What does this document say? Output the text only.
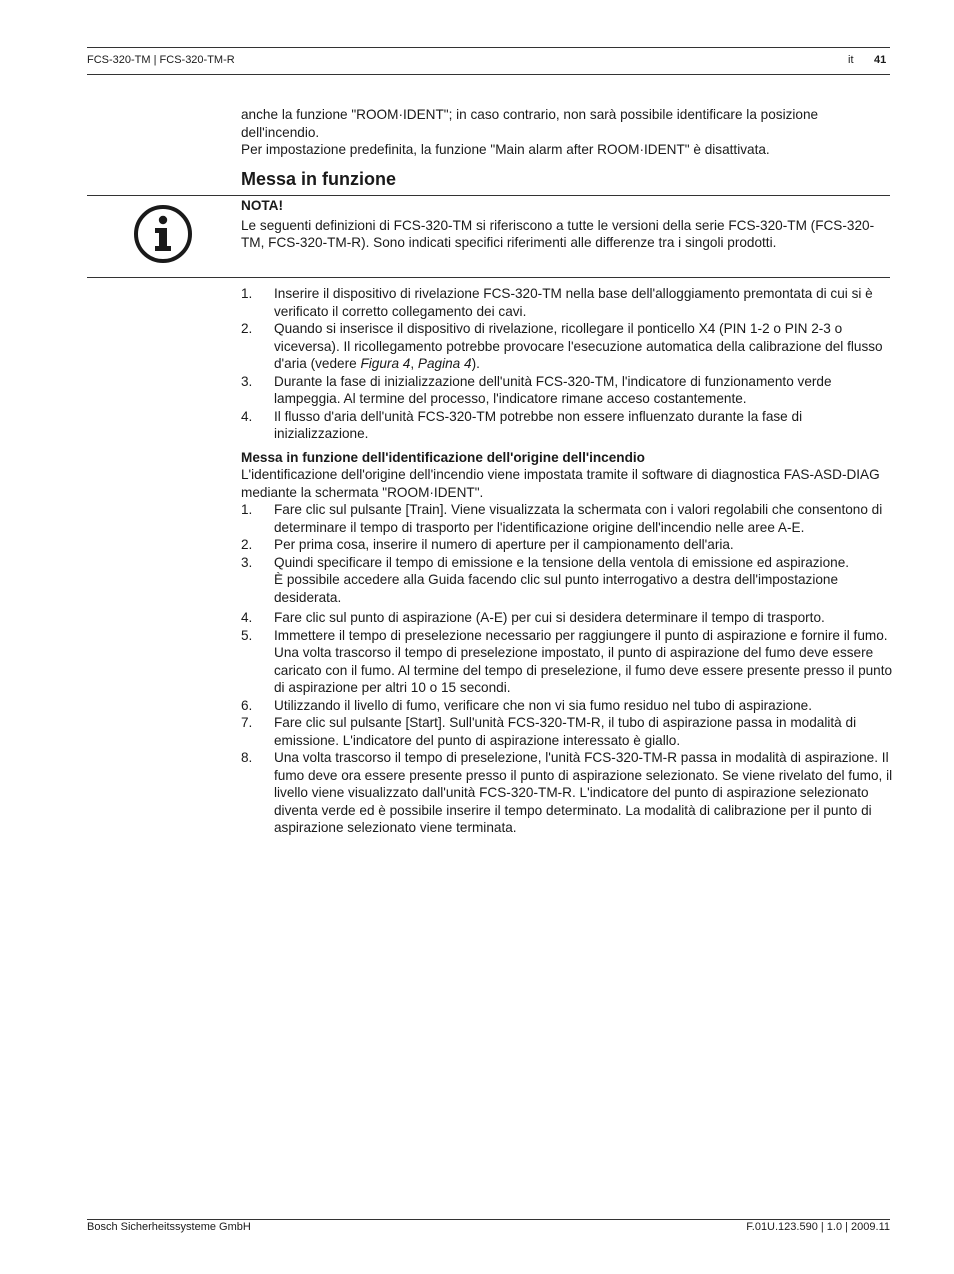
FCS-320-TM | FCS-320-TM-R	it 41

anche la funzione "ROOM·IDENT"; in caso contrario, non sarà possibile identificare la posizione dell'incendio.

Per impostazione predefinita, la funzione "Main alarm after ROOM·IDENT" è disattivata.

Messa in funzione

NOTA!

Le seguenti definizioni di FCS-320-TM si riferiscono a tutte le versioni della serie FCS-320-TM (FCS-320-TM, FCS-320-TM-R). Sono indicati specifici riferimenti alle differenze tra i singoli prodotti.

1.	Inserire il dispositivo di rivelazione FCS-320-TM nella base dell'alloggiamento premontata di cui si è verificato il corretto collegamento dei cavi.
2.	Quando si inserisce il dispositivo di rivelazione, ricollegare il ponticello X4 (PIN 1-2 o PIN 2-3 o viceversa). Il ricollegamento potrebbe provocare l'esecuzione automatica della calibrazione del flusso d'aria (vedere Figura 4, Pagina 4).
3.	Durante la fase di inizializzazione dell'unità FCS-320-TM, l'indicatore di funzionamento verde lampeggia. Al termine del processo, l'indicatore rimane acceso costantemente.
4.	Il flusso d'aria dell'unità FCS-320-TM potrebbe non essere influenzato durante la fase di inizializzazione.

Messa in funzione dell'identificazione dell'origine dell'incendio

L'identificazione dell'origine dell'incendio viene impostata tramite il software di diagnostica FAS-ASD-DIAG mediante la schermata "ROOM·IDENT".

1.	Fare clic sul pulsante [Train]. Viene visualizzata la schermata con i valori regolabili che consentono di determinare il tempo di trasporto per l'identificazione origine dell'incendio nelle aree A-E.
2.	Per prima cosa, inserire il numero di aperture per il campionamento dell'aria.
3.	Quindi specificare il tempo di emissione e la tensione della ventola di emissione ed aspirazione.
È possibile accedere alla Guida facendo clic sul punto interrogativo a destra dell'impostazione desiderata.
4.	Fare clic sul punto di aspirazione (A-E) per cui si desidera determinare il tempo di trasporto.
5.	Immettere il tempo di preselezione necessario per raggiungere il punto di aspirazione e fornire il fumo. Una volta trascorso il tempo di preselezione impostato, il punto di aspirazione del fumo deve essere caricato con il fumo. Al termine del tempo di preselezione, il fumo deve essere presente presso il punto di aspirazione per altri 10 o 15 secondi.
6.	Utilizzando il livello di fumo, verificare che non vi sia fumo residuo nel tubo di aspirazione.
7.	Fare clic sul pulsante [Start]. Sull'unità FCS-320-TM-R, il tubo di aspirazione passa in modalità di emissione. L'indicatore del punto di aspirazione interessato è giallo.
8.	Una volta trascorso il tempo di preselezione, l'unità FCS-320-TM-R passa in modalità di aspirazione. Il fumo deve ora essere presente presso il punto di aspirazione selezionato. Se viene rivelato del fumo, il livello viene visualizzato dall'unità FCS-320-TM-R. L'indicatore del punto di aspirazione selezionato diventa verde ed è possibile inserire il tempo determinato. La modalità di calibrazione per il punto di aspirazione selezionato viene terminata.
Bosch Sicherheitssysteme GmbH	F.01U.123.590 | 1.0 | 2009.11
